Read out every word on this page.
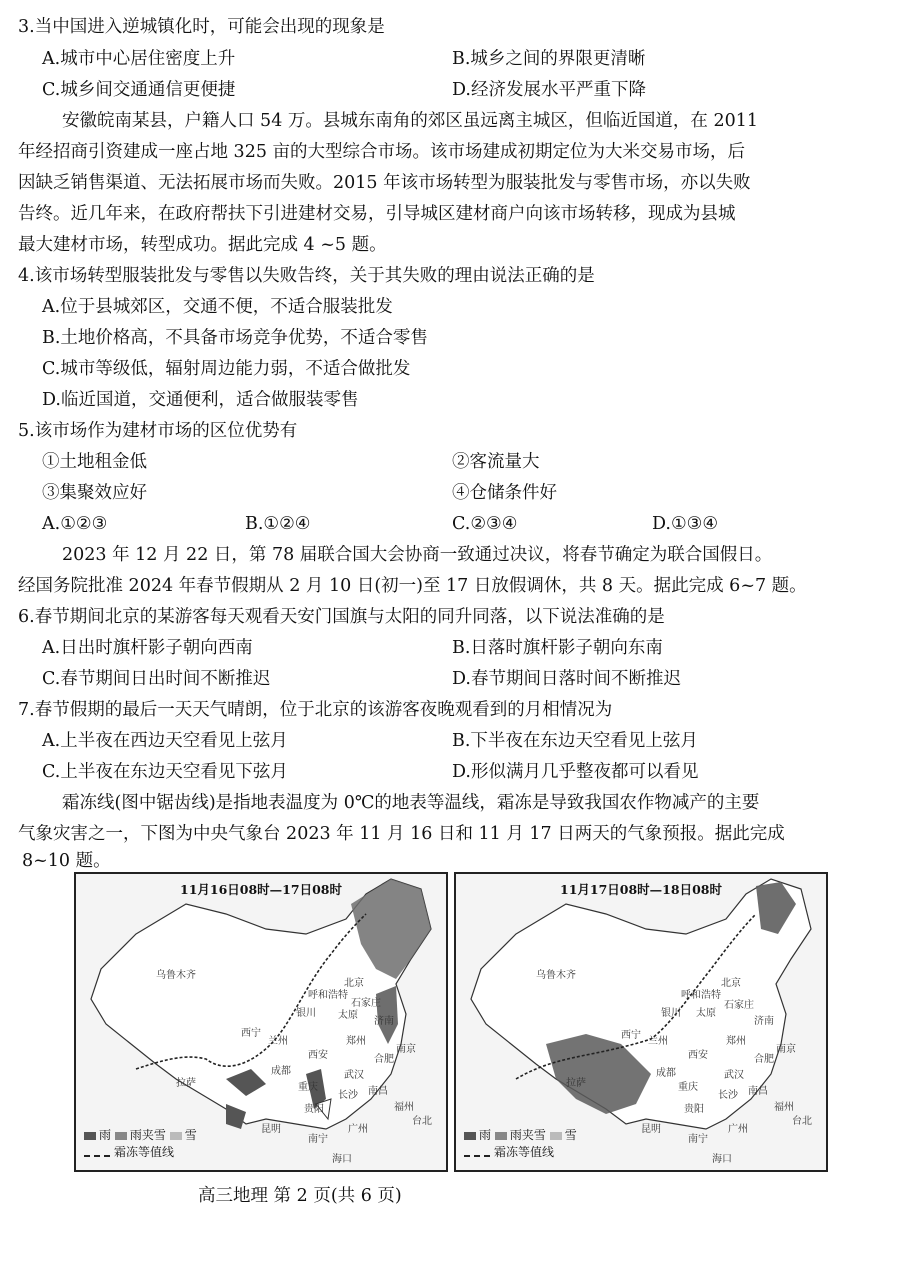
3.当中国进入逆城镇化时，可能会出现的现象是
A.城市中心居住密度上升	B.城乡之间的界限更清晰
C.城乡间交通通信更便捷	D.经济发展水平严重下降
安徽皖南某县，户籍人口 54 万。县城东南角的郊区虽远离主城区，但临近国道，在 2011
年经招商引资建成一座占地 325 亩的大型综合市场。该市场建成初期定位为大米交易市场，后
因缺乏销售渠道、无法拓展市场而失败。2015 年该市场转型为服装批发与零售市场，亦以失败
告终。近几年来，在政府帮扶下引进建材交易，引导城区建材商户向该市场转移，现成为县城
最大建材市场，转型成功。据此完成 4 ~5 题。
4.该市场转型服装批发与零售以失败告终，关于其失败的理由说法正确的是
A.位于县城郊区，交通不便，不适合服装批发
B.土地价格高，不具备市场竞争优势，不适合零售
C.城市等级低，辐射周边能力弱，不适合做批发
D.临近国道，交通便利，适合做服装零售
5.该市场作为建材市场的区位优势有
①土地租金低	②客流量大
③集聚效应好	④仓储条件好
A.①②③	B.①②④	C.②③④	D.①③④
2023 年 12 月 22 日，第 78 届联合国大会协商一致通过决议，将春节确定为联合国假日。
经国务院批准 2024 年春节假期从 2 月 10 日(初一)至 17 日放假调休，共 8 天。据此完成 6~7 题。
6.春节期间北京的某游客每天观看天安门国旗与太阳的同升同落，以下说法准确的是
A.日出时旗杆影子朝向西南	B.日落时旗杆影子朝向东南
C.春节期间日出时间不断推迟	D.春节期间日落时间不断推迟
7.春节假期的最后一天天气晴朗，位于北京的该游客夜晚观看到的月相情况为
A.上半夜在西边天空看见上弦月	B.下半夜在东边天空看见上弦月
C.上半夜在东边天空看见下弦月	D.形似满月几乎整夜都可以看见
霜冻线(图中锯齿线)是指地表温度为 0℃的地表等温线，霜冻是导致我国农作物减产的主要
气象灾害之一，下图为中央气象台 2023 年 11 月 16 日和 11 月 17 日两天的气象预报。据此完成
8~10 题。
11月16日08时—17日08时
乌鲁木齐
呼和浩特
北京
银川 太原
西宁
兰州
石家庄
济南
郑州
西安	合肥
南京
成都	武汉
拉萨	重庆
长沙
贵阳
南昌
福州
台北
昆明	广州
南宁
海口
雨 雨夹雪 雪
霜冻等值线
11月17日08时—18日08时
乌鲁木齐
呼和浩特
北京
太原
石家庄
银川
西宁
兰州
济南
西安
郑州
合肥
南京
成都	武汉
拉萨	重庆
长沙
贵阳
南昌
福州
台北
昆明	广州
南宁
海口
雨 雨夹雪 雪
霜冻等值线
高三地理 第 2 页(共 6 页)
